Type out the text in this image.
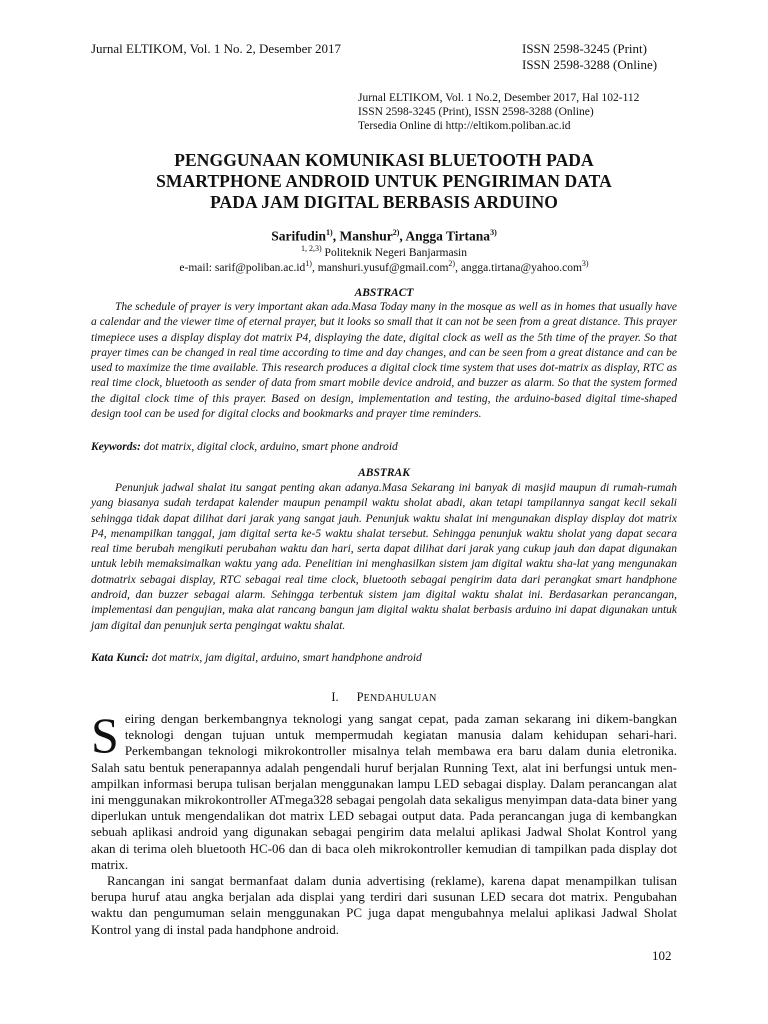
Jurnal ELTIKOM, Vol. 1 No. 2, Desember 2017	ISSN 2598-3245 (Print)
ISSN 2598-3288 (Online)
Jurnal ELTIKOM, Vol. 1 No.2, Desember 2017, Hal 102-112
ISSN 2598-3245 (Print), ISSN 2598-3288 (Online)
Tersedia Online di http://eltikom.poliban.ac.id
PENGGUNAAN KOMUNIKASI BLUETOOTH PADA
SMARTPHONE ANDROID UNTUK PENGIRIMAN DATA
PADA JAM DIGITAL BERBASIS ARDUINO
Sarifudin$^{1)}$, Manshur$^{2)}$, Angga Tirtana$^{3)}$
$^{1, 2,3)}$ Politeknik Negeri Banjarmasin
e-mail: $sarif@poliban.ac.id^{1)}$, manshuri.yusuf@gmail.com$^{2)}$, angga.tirtana@yahoo.com$^{3)}$
ABSTRACT
The schedule of prayer is very important akan ada.Masa Today many in the mosque as well as in homes that usually have a calendar and the viewer time of eternal prayer, but it looks so small that it can not be seen from a great distance. This prayer timepiece uses a display display dot matrix P4, displaying the date, digital clock as well as the 5th time of the prayer. So that prayer times can be changed in real time according to time and day changes, and can be seen from a great distance and can be used to maximize the time available. This research produces a digital clock time system that uses dot-matrix as display, RTC as real time clock, bluetooth as sender of data from smart mobile device android, and buzzer as alarm. So that the system formed the digital clock time of this prayer. Based on design, implementation and testing, the arduino-based digital time-shaped design tool can be used for digital clocks and bookmarks and prayer time reminders.
Keywords: dot matrix, digital clock, arduino, smart phone android
ABSTRAK
Penunjuk jadwal shalat itu sangat penting akan adanya.Masa Sekarang ini banyak di masjid maupun di rumah-rumah yang biasanya sudah terdapat kalender maupun penampil waktu sholat abadi, akan tetapi tampilannya sangat kecil sekali sehingga tidak dapat dilihat dari jarak yang sangat jauh. Penunjuk waktu shalat ini mengunakan display display dot matrix P4, menampilkan tanggal, jam digital serta ke-5 waktu shalat tersebut. Sehingga penunjuk waktu sholat yang dapat secara real time berubah mengikuti perubahan waktu dan hari, serta dapat dilihat dari jarak yang cukup jauh dan dapat digunakan untuk lebih memaksimalkan waktu yang ada. Penelitian ini menghasilkan sistem jam digital waktu sha-lat yang mengunakan dotmatrix sebagai display, RTC sebagai real time clock, bluetooth sebagai pengirim data dari perangkat smart handphone android, dan buzzer sebagai alarm. Sehingga terbentuk sistem jam digital waktu shalat ini. Berdasarkan perancangan, implementasi dan pengujian, maka alat rancang bangun jam digital waktu shalat berbasis arduino ini dapat digunakan untuk jam digital dan penunjuk serta pengingat waktu shalat.
Kata Kunci: dot matrix, jam digital, arduino, smart handphone android
I. PENDAHULUAN

Seiring dengan berkembangnya teknologi yang sangat cepat, pada zaman sekarang ini dikem-bangkan teknologi dengan tujuan untuk mempermudah kegiatan manusia dalam kehidupan sehari-hari. Perkembangan teknologi mikrokontroller misalnya telah membawa era baru dalam dunia eletronika. Salah satu bentuk penerapannya adalah pengendali huruf berjalan Running Text, alat ini berfungsi untuk men-ampilkan informasi berupa tulisan berjalan menggunakan lampu LED sebagai display. Dalam perancangan alat ini menggunakan mikrokontroller ATmega328 sebagai pengolah data sekaligus menyimpan data-data biner yang diperlukan untuk mengendalikan dot matrix LED sebagai output data. Pada perancangan juga di kembangkan sebuah aplikasi android yang digunakan sebagai pengirim data melalui aplikasi Jadwal Sholat Kontrol yang akan di terima oleh bluetooth HC-06 dan di baca oleh mikrokontroller kemudian di tampilkan pada display dot matrix.

Rancangan ini sangat bermanfaat dalam dunia advertising (reklame), karena dapat menampilkan tulisan berupa huruf atau angka berjalan ada displai yang terdiri dari susunan LED secara dot matrix. Pengubahan waktu dan pengumuman selain menggunakan PC juga dapat mengubahnya melalui aplikasi Jadwal Sholat Kontrol yang di instal pada handphone android.

102
